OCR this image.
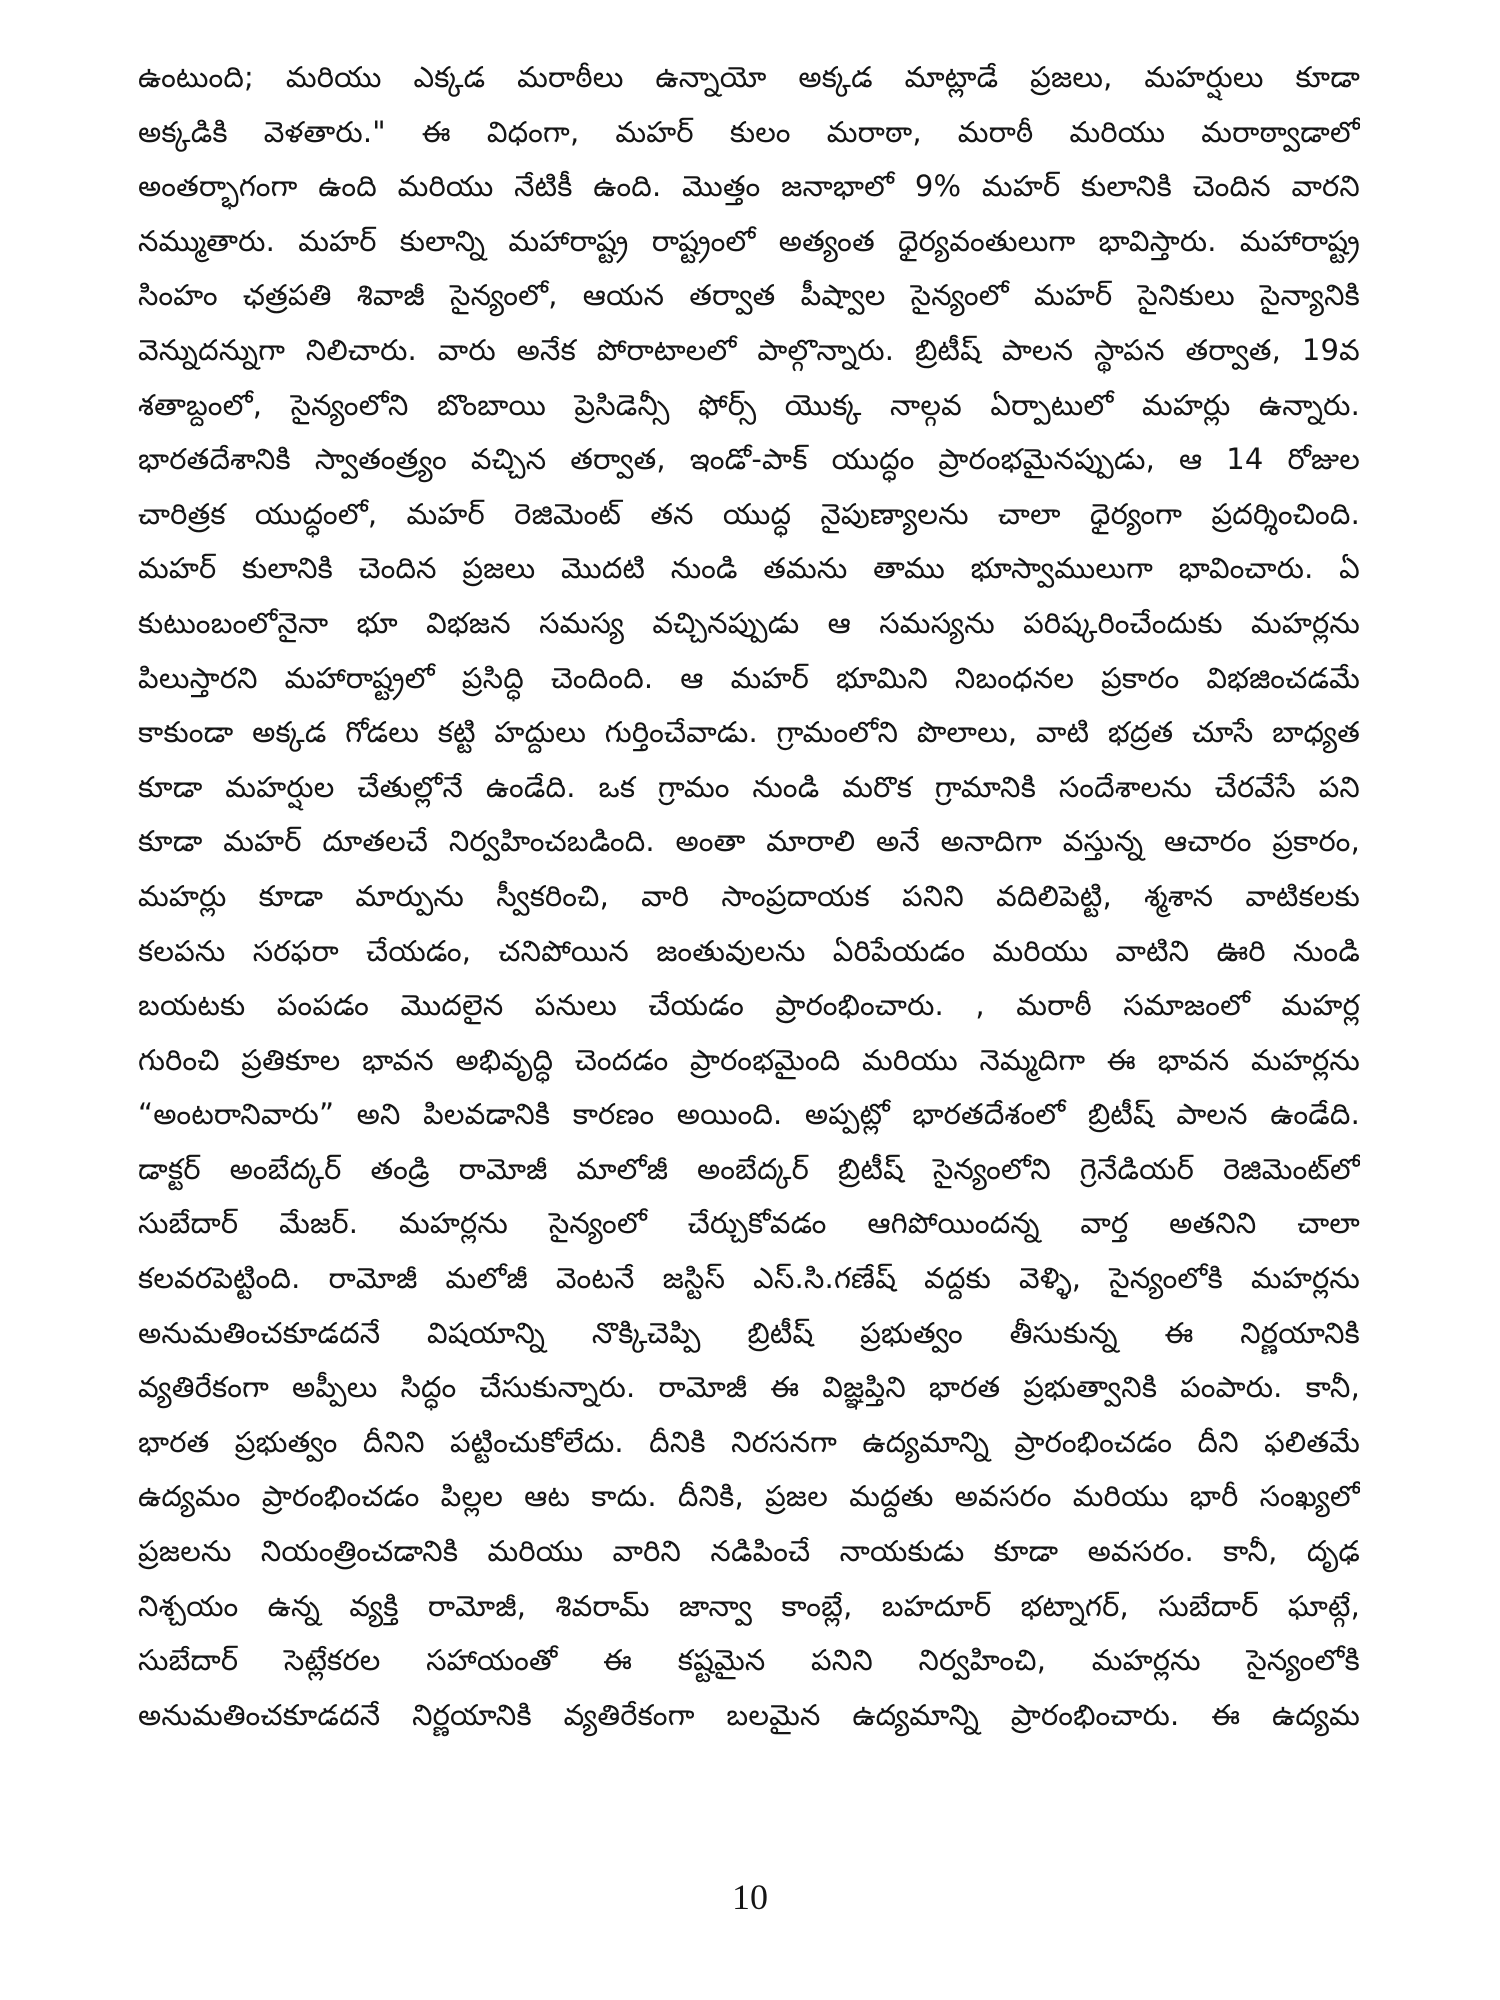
ఉంటుంది; మరియు ఎక్కడ మరాఠీలు ఉన్నాయో అక్కడ మాట్లాడే ప్రజలు, మహర్షులు కూడా
అక్కడికి వెళతారు." ఈ విధంగా, మహర్ కులం మరాఠా, మరాఠీ మరియు మరాఠ్వాడాలో
అంతర్భాగంగా ఉంది మరియు నేటికీ ఉంది. మొత్తం జనాభాలో 9% మహర్ కులానికి చెందిన వారని
నమ్ముతారు. మహర్ కులాన్ని మహారాష్ట్ర రాష్ట్రంలో అత్యంత ధైర్యవంతులుగా భావిస్తారు. మహారాష్ట్ర
సింహం ఛత్రపతి శివాజీ సైన్యంలో, ఆయన తర్వాత పీష్వాల సైన్యంలో మహర్ సైనికులు సైన్యానికి
వెన్నుదన్నుగా నిలిచారు. వారు అనేక పోరాటాలలో పాల్గొన్నారు. బ్రిటీష్ పాలన స్థాపన తర్వాత, 19వ
శతాబ్దంలో, సైన్యంలోని బొంబాయి ప్రెసిడెన్సీ ఫోర్స్ యొక్క నాల్గవ ఏర్పాటులో మహర్లు ఉన్నారు.
భారతదేశానికి స్వాతంత్ర్యం వచ్చిన తర్వాత, ఇండో-పాక్ యుద్ధం ప్రారంభమైనప్పుడు, ఆ 14 రోజుల
చారిత్రక యుద్ధంలో, మహర్ రెజిమెంట్ తన యుద్ధ నైపుణ్యాలను చాలా ధైర్యంగా ప్రదర్శించింది.
మహర్ కులానికి చెందిన ప్రజలు మొదటి నుండి తమను తాము భూస్వాములుగా భావించారు. ఏ
కుటుంబంలోనైనా భూ విభజన సమస్య వచ్చినప్పుడు ఆ సమస్యను పరిష్కరించేందుకు మహర్లను
పిలుస్తారని మహారాష్ట్రలో ప్రసిద్ధి చెందింది. ఆ మహర్ భూమిని నిబంధనల ప్రకారం విభజించడమే
కాకుండా అక్కడ గోడలు కట్టి హద్దులు గుర్తించేవాడు. గ్రామంలోని పొలాలు, వాటి భద్రత చూసే బాధ్యత
కూడా మహర్షుల చేతుల్లోనే ఉండేది. ఒక గ్రామం నుండి మరొక గ్రామానికి సందేశాలను చేరవేసే పని
కూడా మహర్ దూతలచే నిర్వహించబడింది. అంతా మారాలి అనే అనాదిగా వస్తున్న ఆచారం ప్రకారం,
మహర్లు కూడా మార్పును స్వీకరించి, వారి సాంప్రదాయక పనిని వదిలిపెట్టి, శ్మశాన వాటికలకు
కలపను సరఫరా చేయడం, చనిపోయిన జంతువులను ఏరిపేయడం మరియు వాటిని ఊరి నుండి
బయటకు పంపడం మొదలైన పనులు చేయడం ప్రారంభించారు. , మరాఠీ సమాజంలో మహర్ల
గురించి ప్రతికూల భావన అభివృద్ధి చెందడం ప్రారంభమైంది మరియు నెమ్మదిగా ఈ భావన మహర్లను
“అంటరానివారు” అని పిలవడానికి కారణం అయింది. అప్పట్లో భారతదేశంలో బ్రిటీష్ పాలన ఉండేది.
డాక్టర్ అంబేద్కర్ తండ్రి రామోజీ మాలోజీ అంబేద్కర్ బ్రిటీష్ సైన్యంలోని గ్రెనేడియర్ రెజిమెంట్‌లో
సుబేదార్ మేజర్. మహర్లను సైన్యంలో చేర్చుకోవడం ఆగిపోయిందన్న వార్త అతనిని చాలా
కలవరపెట్టింది. రామోజీ మలోజీ వెంటనే జస్టిస్ ఎస్.సి.గణేష్ వద్దకు వెళ్ళి, సైన్యంలోకి మహర్లను
అనుమతించకూడదనే విషయాన్ని నొక్కిచెప్పి బ్రిటీష్ ప్రభుత్వం తీసుకున్న ఈ నిర్ణయానికి
వ్యతిరేకంగా అప్పీలు సిద్ధం చేసుకున్నారు. రామోజీ ఈ విజ్ఞప్తిని భారత ప్రభుత్వానికి పంపారు. కానీ,
భారత ప్రభుత్వం దీనిని పట్టించుకోలేదు. దీనికి నిరసనగా ఉద్యమాన్ని ప్రారంభించడం దీని ఫలితమే
ఉద్యమం ప్రారంభించడం పిల్లల ఆట కాదు. దీనికి, ప్రజల మద్దతు అవసరం మరియు భారీ సంఖ్యలో
ప్రజలను నియంత్రించడానికి మరియు వారిని నడిపించే నాయకుడు కూడా అవసరం. కానీ, దృఢ
నిశ్చయం ఉన్న వ్యక్తి రామోజీ, శివరామ్ జాన్వా కాంబ్లే, బహదూర్ భట్నాగర్, సుబేదార్ ఘాట్గే,
సుబేదార్ సెట్లేకరల సహాయంతో ఈ కష్టమైన పనిని నిర్వహించి, మహర్లను సైన్యంలోకి
అనుమతించకూడదనే నిర్ణయానికి వ్యతిరేకంగా బలమైన ఉద్యమాన్ని ప్రారంభించారు. ఈ ఉద్యమ
10
